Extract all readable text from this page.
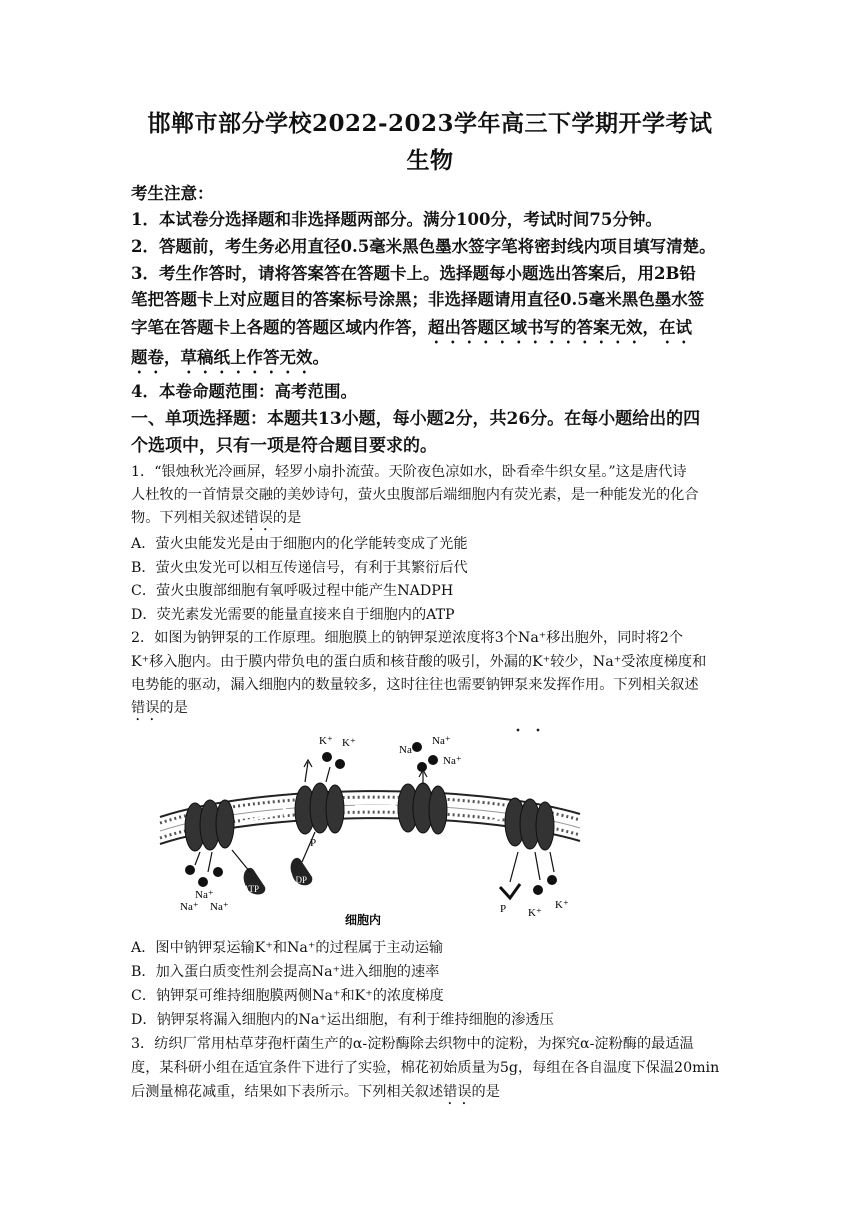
邯郸市部分学校2022-2023学年高三下学期开学考试
生物
考生注意：
1．本试卷分选择题和非选择题两部分。满分100分，考试时间75分钟。
2．答题前，考生务必用直径0.5毫米黑色墨水签字笔将密封线内项目填写清楚。
3．考生作答时，请将答案答在答题卡上。选择题每小题选出答案后，用2B铅
笔把答题卡上对应题目的答案标号涂黑；非选择题请用直径0.5毫米黑色墨水签
字笔在答题卡上各题的答题区域内作答，超出答题区域书写的答案无效，在试
题卷，草稿纸上作答无效。
4．本卷命题范围：高考范围。
一、单项选择题：本题共13小题，每小题2分，共26分。在每小题给出的四
个选项中，只有一项是符合题目要求的。
1．“银烛秋光冷画屏，轻罗小扇扑流萤。天阶夜色凉如水，卧看牵牛织女星。”这是唐代诗
人杜牧的一首情景交融的美妙诗句，萤火虫腹部后端细胞内有荧光素，是一种能发光的化合
物。下列相关叙述错误的是
A．萤火虫能发光是由于细胞内的化学能转变成了光能
B．萤火虫发光可以相互传递信号，有利于其繁衍后代
C．萤火虫腹部细胞有氧呼吸过程中能产生NADPH
D．荧光素发光需要的能量直接来自于细胞内的ATP
2．如图为钠钾泵的工作原理。细胞膜上的钠钾泵逆浓度将3个Na⁺移出胞外，同时将2个
K⁺移入胞内。由于膜内带负电的蛋白质和核苷酸的吸引，外漏的K⁺较少，Na⁺受浓度梯度和
电势能的驱动，漏入细胞内的数量较多，这时往往也需要钠钾泵来发挥作用。下列相关叙述
错误的是
K⁺ K⁺
Na⁺
Na⁺
Na⁺
Na⁺
Na⁺ Na⁺
ATP
ADP
P
P K⁺
K⁺
细胞内
A．图中钠钾泵运输K⁺和Na⁺的过程属于主动运输
B．加入蛋白质变性剂会提高Na⁺进入细胞的速率
C．钠钾泵可维持细胞膜两侧Na⁺和K⁺的浓度梯度
D．钠钾泵将漏入细胞内的Na⁺运出细胞，有利于维持细胞的渗透压
3．纺织厂常用枯草芽孢杆菌生产的α-淀粉酶除去织物中的淀粉，为探究α-淀粉酶的最适温
度，某科研小组在适宜条件下进行了实验，棉花初始质量为5g，每组在各自温度下保温20min
后测量棉花减重，结果如下表所示。下列相关叙述错误的是
